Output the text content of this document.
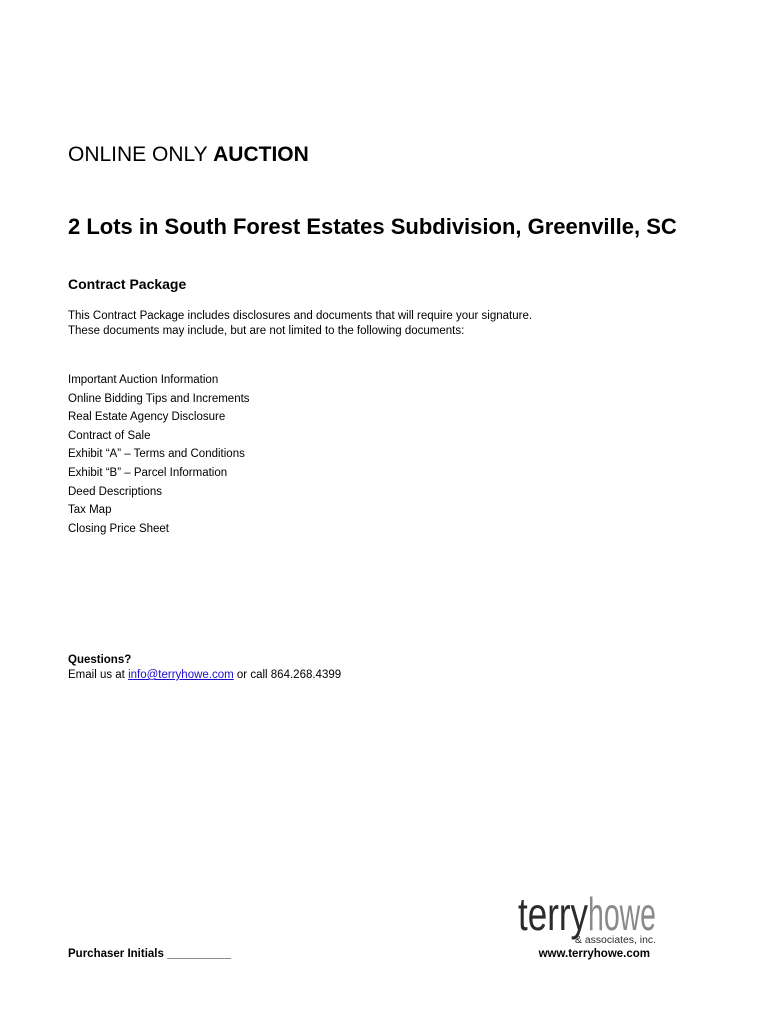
ONLINE ONLY AUCTION
2 Lots in South Forest Estates Subdivision, Greenville, SC
Contract Package
This Contract Package includes disclosures and documents that will require your signature.
These documents may include, but are not limited to the following documents:
Important Auction Information
Online Bidding Tips and Increments
Real Estate Agency Disclosure
Contract of Sale
Exhibit “A” – Terms and Conditions
Exhibit “B” – Parcel Information
Deed Descriptions
Tax Map
Closing Price Sheet
Questions?
Email us at info@terryhowe.com or call 864.268.4399
terry howe
& associates, inc.
Purchaser Initials __________	www.terryhowe.com
